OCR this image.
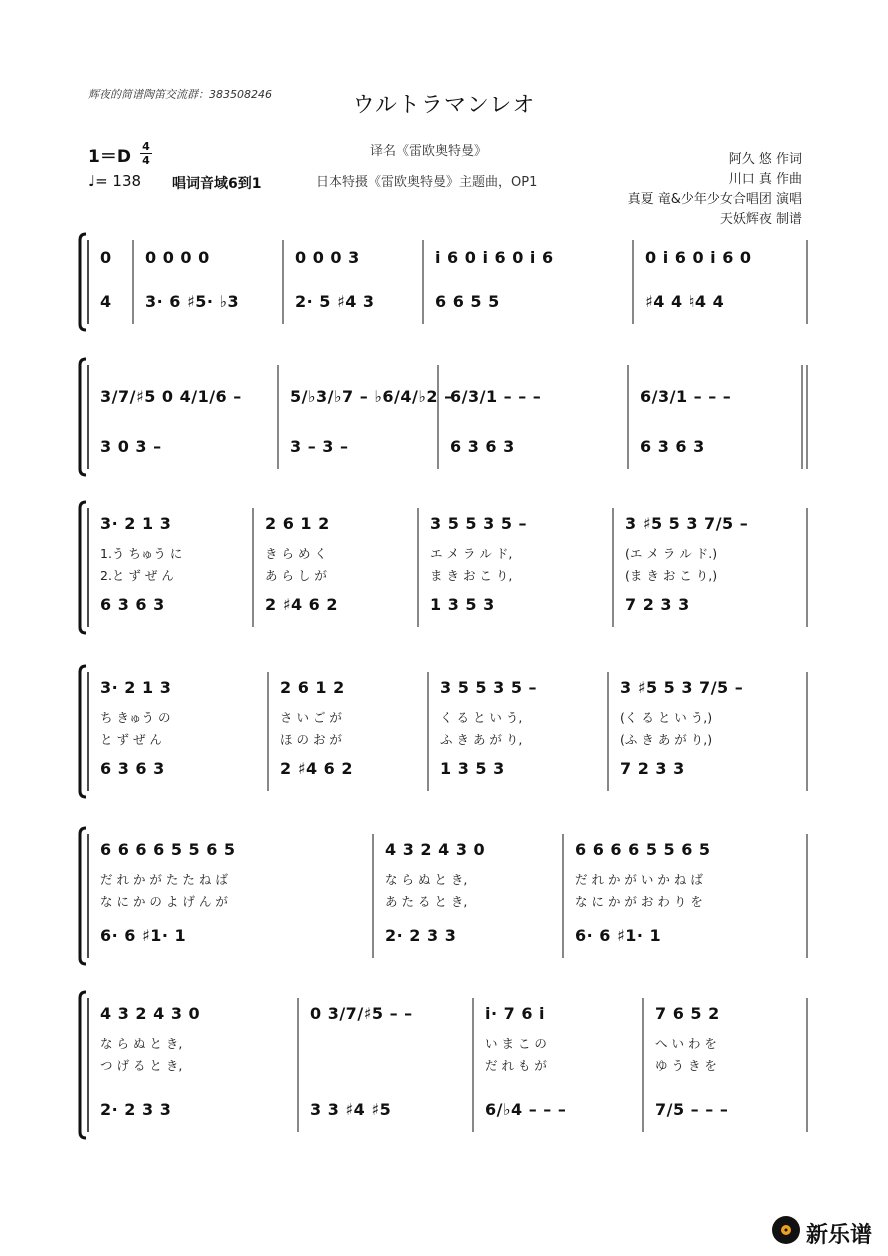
辉夜的简谱陶笛交流群：383508246	ウルトラマンレオ
1＝D
4
4
♩= 138 唱词音域6到1
译名《雷欧奥特曼》
日本特摄《雷欧奥特曼》主题曲，OP1
阿久 悠 作词
川口 真 作曲
真夏 竜&少年少女合唱团 演唱
天妖辉夜 制谱
0
4
0 0 0 0
3· 6 ♯5· ♭3
0 0 0 3
2· 5 ♯4 3
i 6 0 i 6 0 i 6
6 6 5 5
0 i 6 0 i 6 0
♯4 4 ♮4 4
3/7/♯5 0 4/1/6 –
3 0 3 –
5/♭3/♭7 – ♭6/4/♭2 –
3 – 3 –
6/3/1 – – –
6 3 6 3
6/3/1 – – –
6 3 6 3
3· 2 1 3
1.う ちゅう に
2.と ず ぜ ん
6 3 6 3
2 6 1 2
き ら め く
あ ら し が
2 ♯4 6 2
3 5 5 3 5 –
エ メ ラ ル ド,
ま き お こ り,
1 3 5 3
3 ♯5 5 3 7/5 –
(エ メ ラ ル ド.)
(ま き お こ り,)
7 2 3 3
3· 2 1 3
ち きゅう の
と ず ぜ ん
6 3 6 3
2 6 1 2
さ い ご が
ほ の お が
2 ♯4 6 2
3 5 5 3 5 –
く る と い う,
ふ き あ が り,
1 3 5 3
3 ♯5 5 3 7/5 –
(く る と い う,)
(ふ き あ が り,)
7 2 3 3
6 6 6 6 5 5 6 5
だ れ か が た た ね ば
な に か の よ げ ん が
6· 6 ♯1· 1
4 3 2 4 3 0
な ら ぬ と き,
あ た る と き,
2· 2 3 3
6 6 6 6 5 5 6 5
だ れ か が い か ね ば
な に か が お わ り を
6· 6 ♯1· 1
4 3 2 4 3 0
な ら ぬ と き,
つ げ る と き,
2· 2 3 3
0 3/7/♯5 – –
3 3 ♯4 ♯5
i· 7 6 i
い ま こ の
だ れ も が
6/♭4 – – –
7 6 5 2
へ い わ を
ゆ う き を
7/5 – – –
新乐谱
